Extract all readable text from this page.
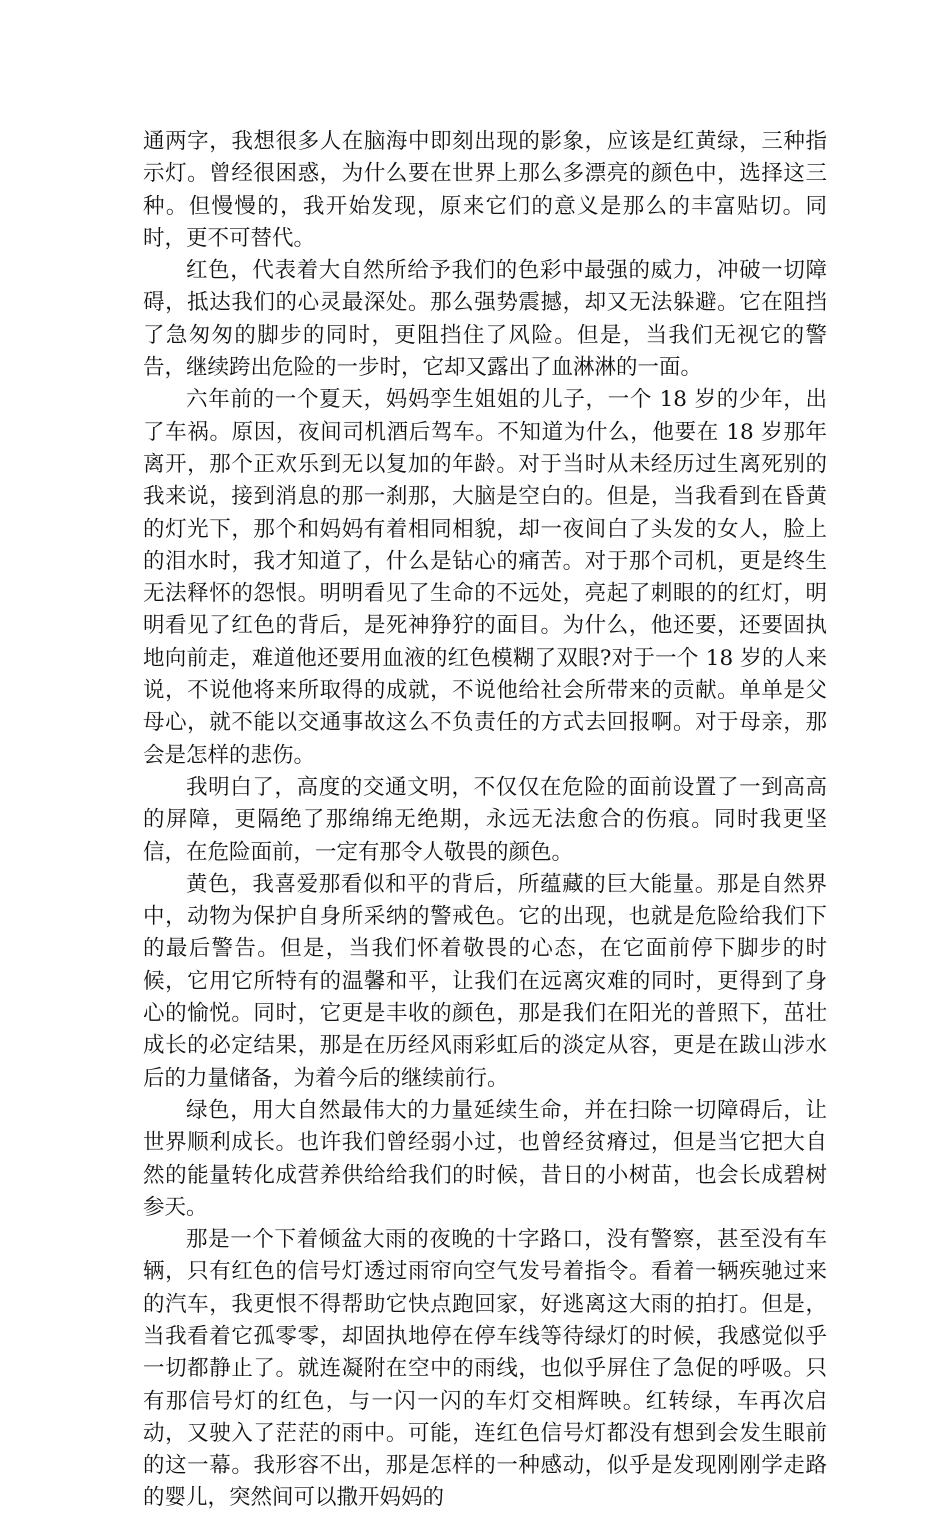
通两字，我想很多人在脑海中即刻出现的影象，应该是红黄绿，三种指示灯。曾经很困惑，为什么要在世界上那么多漂亮的颜色中，选择这三种。但慢慢的，我开始发现，原来它们的意义是那么的丰富贴切。同时，更不可替代。

红色，代表着大自然所给予我们的色彩中最强的威力，冲破一切障碍，抵达我们的心灵最深处。那么强势震撼，却又无法躲避。它在阻挡了急匆匆的脚步的同时，更阻挡住了风险。但是，当我们无视它的警告，继续跨出危险的一步时，它却又露出了血淋淋的一面。

六年前的一个夏天，妈妈孪生姐姐的儿子，一个 18 岁的少年，出了车祸。原因，夜间司机酒后驾车。不知道为什么，他要在 18 岁那年离开，那个正欢乐到无以复加的年龄。对于当时从未经历过生离死别的我来说，接到消息的那一刹那，大脑是空白的。但是，当我看到在昏黄的灯光下，那个和妈妈有着相同相貌，却一夜间白了头发的女人，脸上的泪水时，我才知道了，什么是钻心的痛苦。对于那个司机，更是终生无法释怀的怨恨。明明看见了生命的不远处，亮起了刺眼的的红灯，明明看见了红色的背后，是死神狰狞的面目。为什么，他还要，还要固执地向前走，难道他还要用血液的红色模糊了双眼?对于一个 18 岁的人来说，不说他将来所取得的成就，不说他给社会所带来的贡献。单单是父母心，就不能以交通事故这么不负责任的方式去回报啊。对于母亲，那会是怎样的悲伤。

我明白了，高度的交通文明，不仅仅在危险的面前设置了一到高高的屏障，更隔绝了那绵绵无绝期，永远无法愈合的伤痕。同时我更坚信，在危险面前，一定有那令人敬畏的颜色。

黄色，我喜爱那看似和平的背后，所蕴藏的巨大能量。那是自然界中，动物为保护自身所采纳的警戒色。它的出现，也就是危险给我们下的最后警告。但是，当我们怀着敬畏的心态，在它面前停下脚步的时候，它用它所特有的温馨和平，让我们在远离灾难的同时，更得到了身心的愉悦。同时，它更是丰收的颜色，那是我们在阳光的普照下，茁壮成长的必定结果，那是在历经风雨彩虹后的淡定从容，更是在跋山涉水后的力量储备，为着今后的继续前行。

绿色，用大自然最伟大的力量延续生命，并在扫除一切障碍后，让世界顺利成长。也许我们曾经弱小过，也曾经贫瘠过，但是当它把大自然的能量转化成营养供给给我们的时候，昔日的小树苗，也会长成碧树参天。

那是一个下着倾盆大雨的夜晚的十字路口，没有警察，甚至没有车辆，只有红色的信号灯透过雨帘向空气发号着指令。看着一辆疾驰过来的汽车，我更恨不得帮助它快点跑回家，好逃离这大雨的拍打。但是，当我看着它孤零零，却固执地停在停车线等待绿灯的时候，我感觉似乎一切都静止了。就连凝附在空中的雨线，也似乎屏住了急促的呼吸。只有那信号灯的红色，与一闪一闪的车灯交相辉映。红转绿，车再次启动，又驶入了茫茫的雨中。可能，连红色信号灯都没有想到会发生眼前的这一幕。我形容不出，那是怎样的一种感动，似乎是发现刚刚学走路的婴儿，突然间可以撒开妈妈的
